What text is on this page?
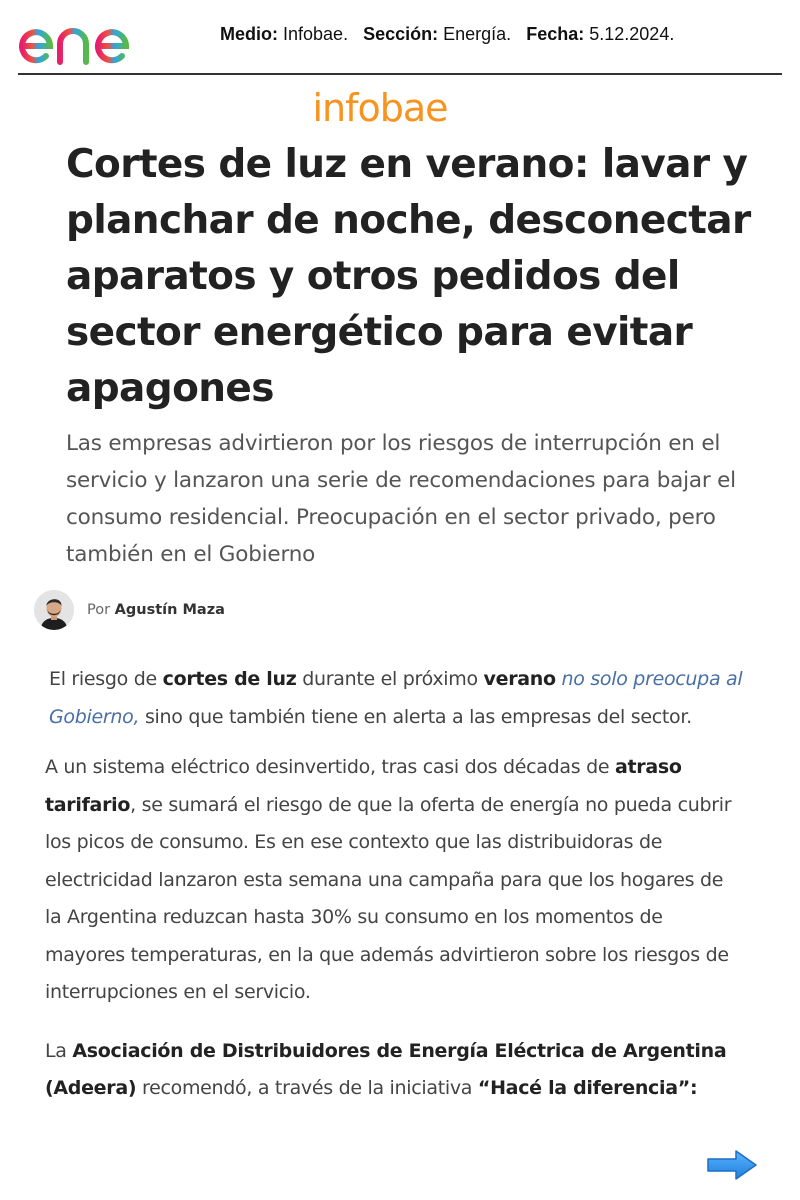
Medio: Infobae. Sección: Energía. Fecha: 5.12.2024.
infobae
Cortes de luz en verano: lavar y planchar de noche, desconectar aparatos y otros pedidos del sector energético para evitar apagones

Las empresas advirtieron por los riesgos de interrupción en el servicio y lanzaron una serie de recomendaciones para bajar el consumo residencial. Preocupación en el sector privado, pero también en el Gobierno

Por Agustín Maza

El riesgo de cortes de luz durante el próximo verano no solo preocupa al Gobierno, sino que también tiene en alerta a las empresas del sector.

A un sistema eléctrico desinvertido, tras casi dos décadas de atraso tarifario, se sumará el riesgo de que la oferta de energía no pueda cubrir los picos de consumo. Es en ese contexto que las distribuidoras de electricidad lanzaron esta semana una campaña para que los hogares de la Argentina reduzcan hasta 30% su consumo en los momentos de mayores temperaturas, en la que además advirtieron sobre los riesgos de interrupciones en el servicio.

La Asociación de Distribuidores de Energía Eléctrica de Argentina (Adeera) recomendó, a través de la iniciativa “Hacé la diferencia”:
